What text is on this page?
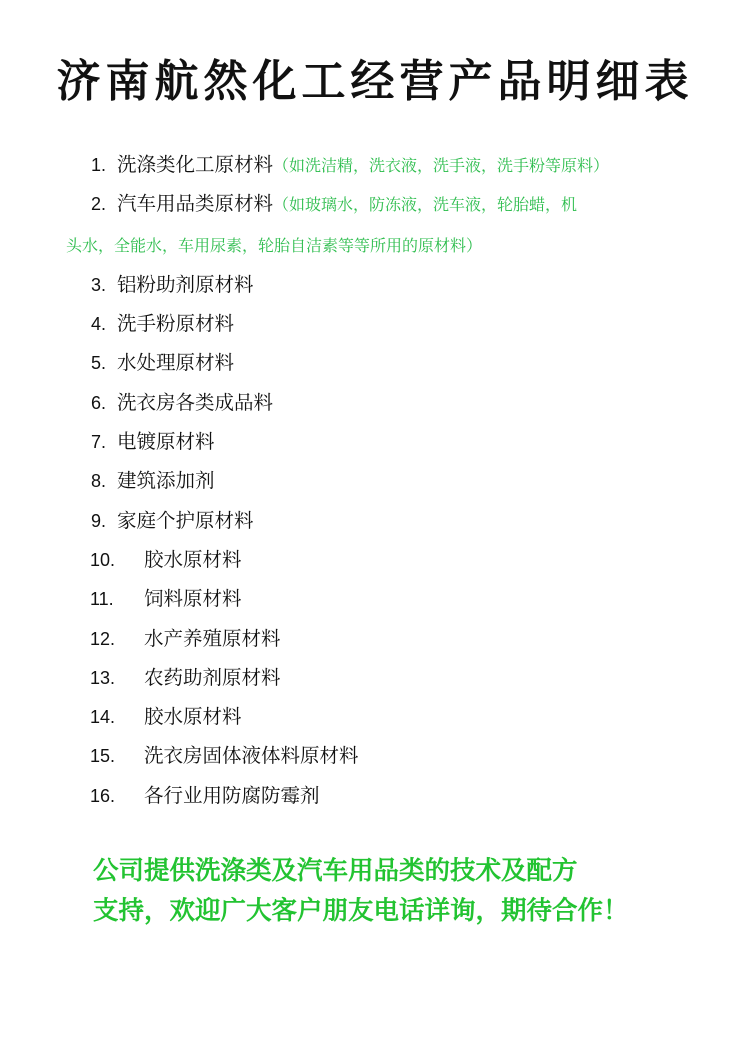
济南航然化工经营产品明细表
1. 洗涤类化工原材料（如洗洁精，洗衣液，洗手液，洗手粉等原料）
2. 汽车用品类原材料（如玻璃水，防冻液，洗车液，轮胎蜡，机
头水，全能水，车用尿素，轮胎自洁素等等所用的原材料）
3. 铝粉助剂原材料
4. 洗手粉原材料
5. 水处理原材料
6. 洗衣房各类成品料
7. 电镀原材料
8. 建筑添加剂
9. 家庭个护原材料
10. 胶水原材料
11. 饲料原材料
12. 水产养殖原材料
13. 农药助剂原材料
14. 胶水原材料
15. 洗衣房固体液体料原材料
16. 各行业用防腐防霉剂
公司提供洗涤类及汽车用品类的技术及配方
支持，欢迎广大客户朋友电话详询，期待合作！
